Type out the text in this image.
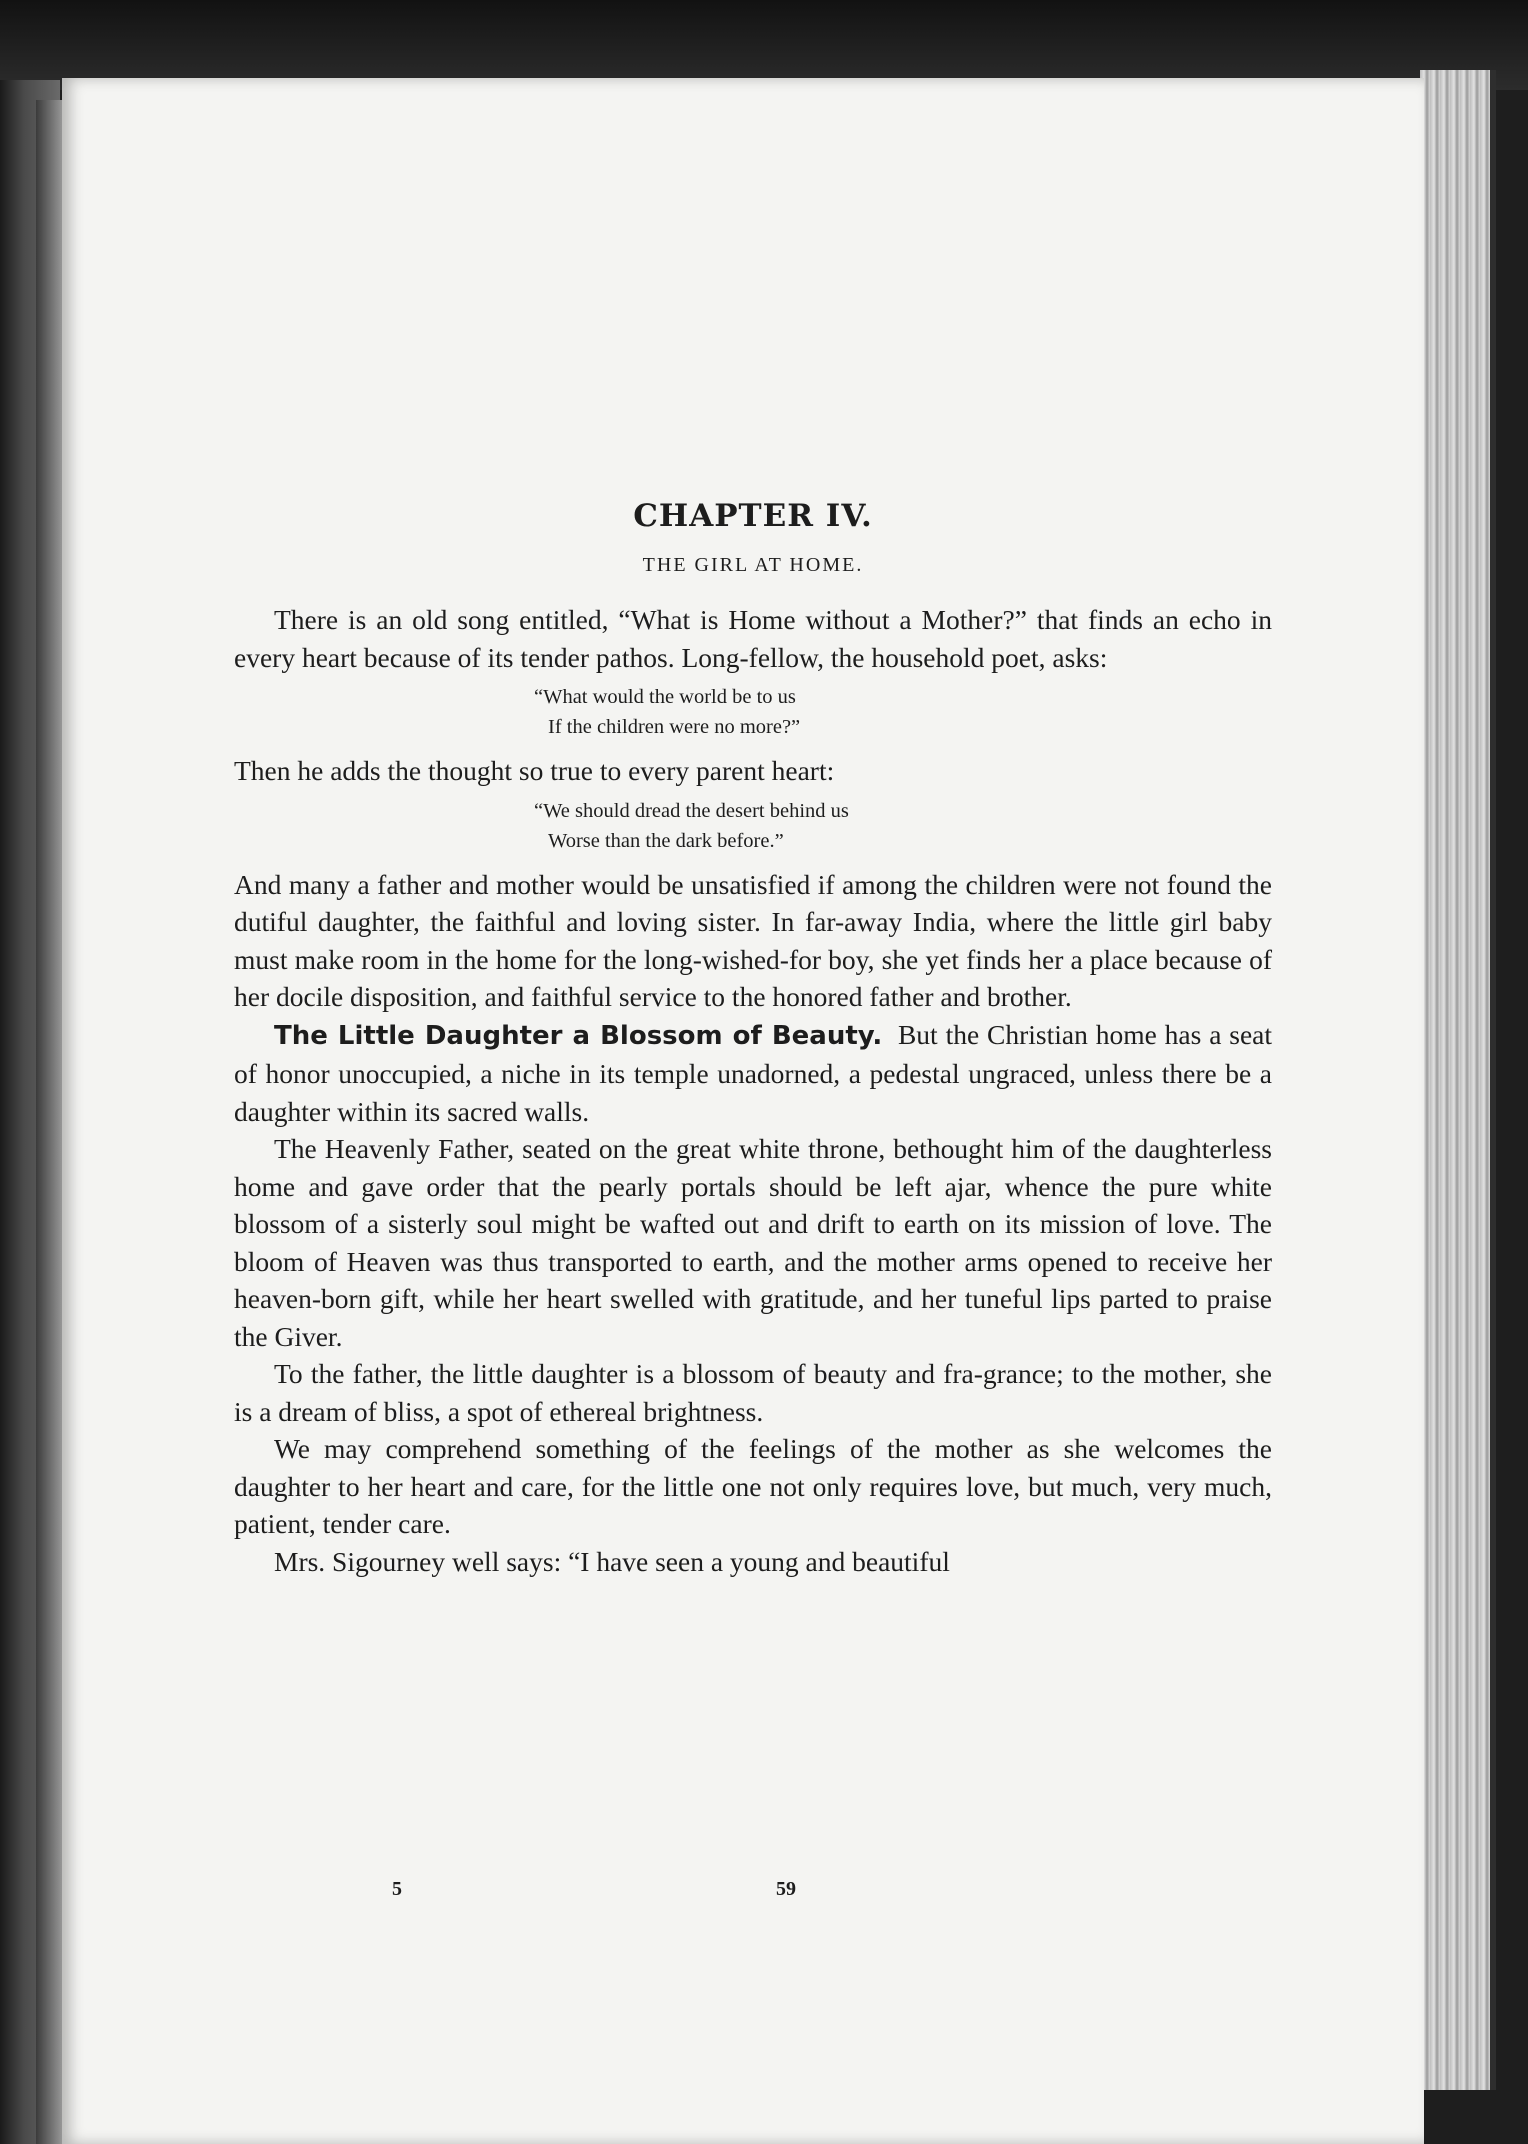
CHAPTER IV.
THE GIRL AT HOME.

There is an old song entitled, “What is Home without a Mother?” that finds an echo in every heart because of its tender pathos. Long-fellow, the household poet, asks:

“What would the world be to us
If the children were no more?”

Then he adds the thought so true to every parent heart:

“We should dread the desert behind us
Worse than the dark before.”

And many a father and mother would be unsatisfied if among the children were not found the dutiful daughter, the faithful and loving sister. In far-away India, where the little girl baby must make room in the home for the long-wished-for boy, she yet finds her a place because of her docile disposition, and faithful service to the honored father and brother.

The Little Daughter a Blossom of Beauty. But the Christian home has a seat of honor unoccupied, a niche in its temple unadorned, a pedestal ungraced, unless there be a daughter within its sacred walls.

The Heavenly Father, seated on the great white throne, bethought him of the daughterless home and gave order that the pearly portals should be left ajar, whence the pure white blossom of a sisterly soul might be wafted out and drift to earth on its mission of love. The bloom of Heaven was thus transported to earth, and the mother arms opened to receive her heaven-born gift, while her heart swelled with gratitude, and her tuneful lips parted to praise the Giver.

To the father, the little daughter is a blossom of beauty and fra-grance; to the mother, she is a dream of bliss, a spot of ethereal brightness.

We may comprehend something of the feelings of the mother as she welcomes the daughter to her heart and care, for the little one not only requires love, but much, very much, patient, tender care.

Mrs. Sigourney well says: “I have seen a young and beautiful

5	59
